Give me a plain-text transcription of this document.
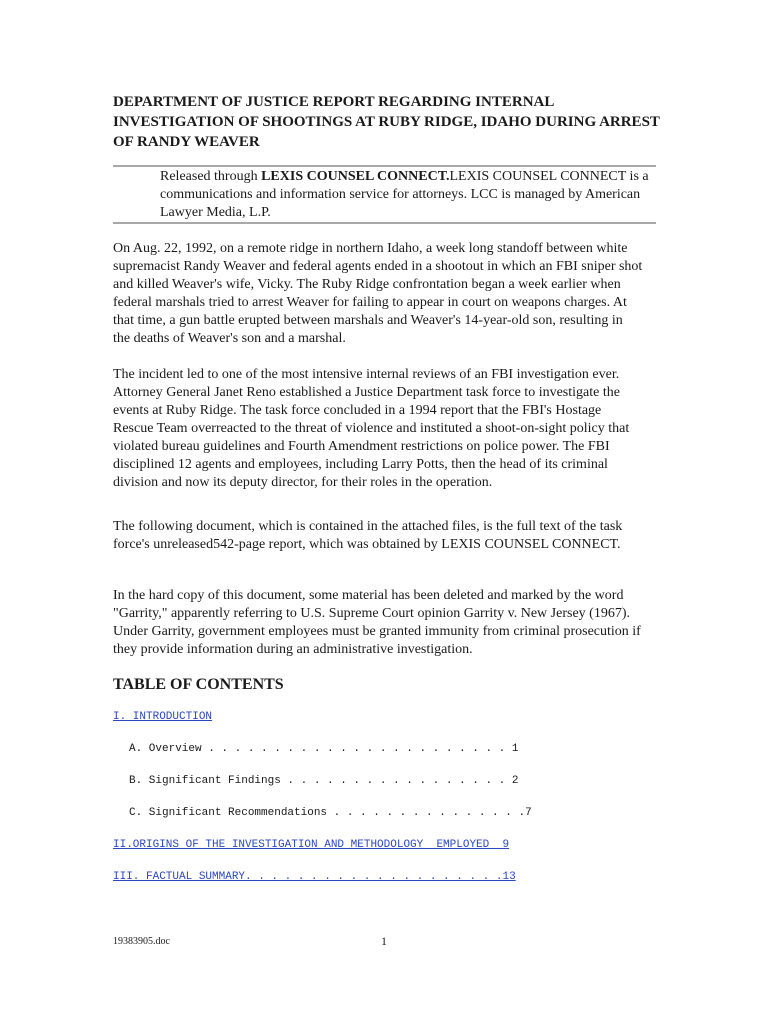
DEPARTMENT OF JUSTICE REPORT REGARDING INTERNAL INVESTIGATION OF SHOOTINGS AT RUBY RIDGE, IDAHO DURING ARREST OF RANDY WEAVER
Released through LEXIS COUNSEL CONNECT.LEXIS COUNSEL CONNECT is a communications and information service for attorneys. LCC is managed by American Lawyer Media, L.P.
On Aug. 22, 1992, on a remote ridge in northern Idaho, a week long standoff between white supremacist Randy Weaver and federal agents ended in a shootout in which an FBI sniper shot and killed Weaver's wife, Vicky. The Ruby Ridge confrontation began a week earlier when federal marshals tried to arrest Weaver for failing to appear in court on weapons charges. At that time, a gun battle erupted between marshals and Weaver's 14-year-old son, resulting in the deaths of Weaver's son and a marshal.
The incident led to one of the most intensive internal reviews of an FBI investigation ever. Attorney General Janet Reno established a Justice Department task force to investigate the events at Ruby Ridge. The task force concluded in a 1994 report that the FBI's Hostage Rescue Team overreacted to the threat of violence and instituted a shoot-on-sight policy that violated bureau guidelines and Fourth Amendment restrictions on police power. The FBI disciplined 12 agents and employees, including Larry Potts, then the head of its criminal division and now its deputy director, for their roles in the operation.
The following document, which is contained in the attached files, is the full text of the task force's unreleased542-page report, which was obtained by LEXIS COUNSEL CONNECT.
In the hard copy of this document, some material has been deleted and marked by the word "Garrity," apparently referring to U.S. Supreme Court opinion Garrity v. New Jersey (1967). Under Garrity, government employees must be granted immunity from criminal prosecution if they provide information during an administrative investigation.
TABLE OF CONTENTS
I. INTRODUCTION
A. Overview . . . . . . . . . . . . . . . . . . . . . . . 1
B. Significant Findings . . . . . . . . . . . . . . . . . 2
C. Significant Recommendations . . . . . . . . . . . . . . .7
II.ORIGINS OF THE INVESTIGATION AND METHODOLOGY  EMPLOYED  9
III. FACTUAL SUMMARY. . . . . . . . . . . . . . . . . . . .13
19383905.doc	1
